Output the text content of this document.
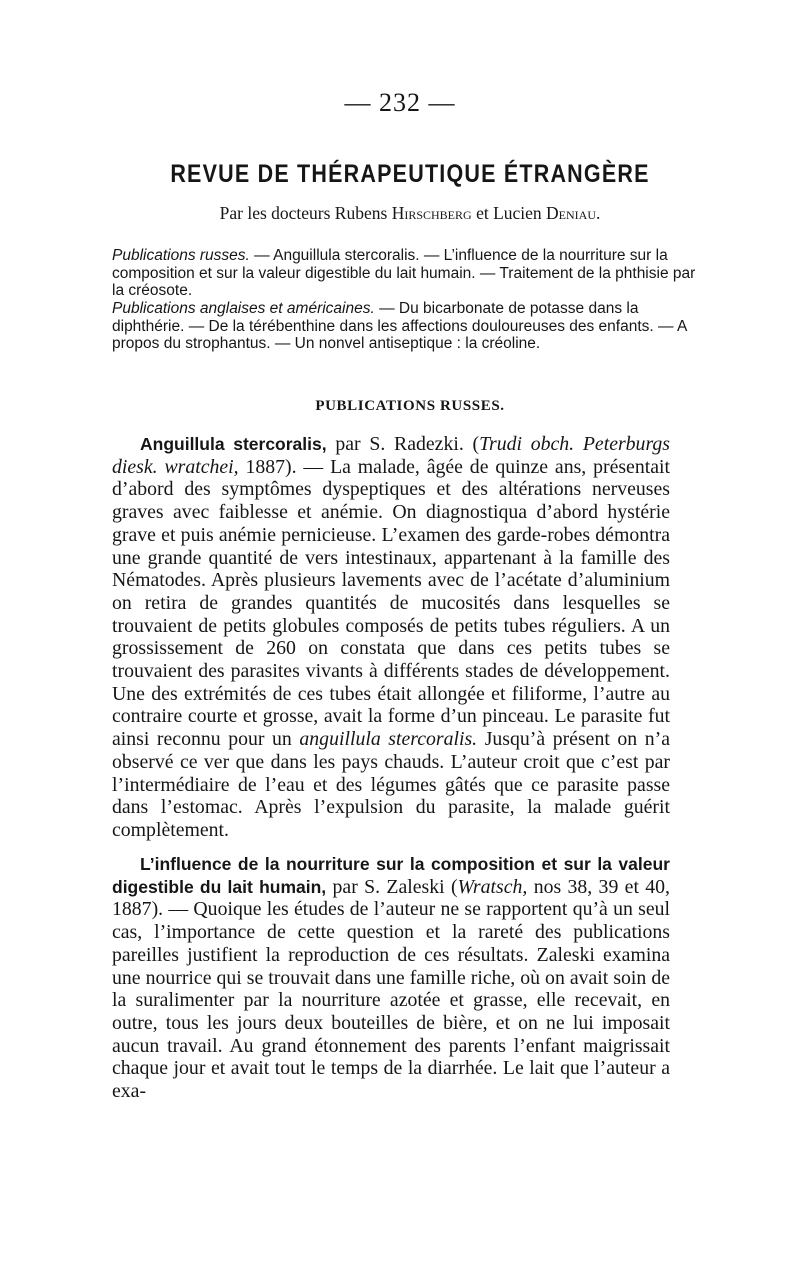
— 232 —
REVUE DE THÉRAPEUTIQUE ÉTRANGÈRE
Par les docteurs Rubens Hirschberg et Lucien Deniau.

Publications russes. — Anguillula stercoralis. — L’influence de la nourriture sur la composition et sur la valeur digestible du lait humain. — Traitement de la phthisie par la créosote.

Publications anglaises et américaines. — Du bicarbonate de potasse dans la diphthérie. — De la térébenthine dans les affections douloureuses des enfants. — A propos du strophantus. — Un nonvel antiseptique : la créoline.

PUBLICATIONS RUSSES.

Anguillula stercoralis, par S. Radezki. (Trudi obch. Peterburgs diesk. wratchei, 1887). — La malade, âgée de quinze ans, présentait d’abord des symptômes dyspeptiques et des altérations nerveuses graves avec faiblesse et anémie. On diagnostiqua d’abord hystérie grave et puis anémie pernicieuse. L’examen des garde-robes démontra une grande quantité de vers intestinaux, appartenant à la famille des Nématodes. Après plusieurs lavements avec de l’acétate d’aluminium on retira de grandes quantités de mucosités dans lesquelles se trouvaient de petits globules composés de petits tubes réguliers. A un grossissement de 260 on constata que dans ces petits tubes se trouvaient des parasites vivants à différents stades de développement. Une des extrémités de ces tubes était allongée et filiforme, l’autre au contraire courte et grosse, avait la forme d’un pinceau. Le parasite fut ainsi reconnu pour un anguillula stercoralis. Jusqu’à présent on n’a observé ce ver que dans les pays chauds. L’auteur croit que c’est par l’intermédiaire de l’eau et des légumes gâtés que ce parasite passe dans l’estomac. Après l’expulsion du parasite, la malade guérit complètement.

L’influence de la nourriture sur la composition et sur la valeur digestible du lait humain, par S. Zaleski (Wratsch, nos 38, 39 et 40, 1887). — Quoique les études de l’auteur ne se rapportent qu’à un seul cas, l’importance de cette question et la rareté des publications pareilles justifient la reproduction de ces résultats. Zaleski examina une nourrice qui se trouvait dans une famille riche, où on avait soin de la suralimenter par la nourriture azotée et grasse, elle recevait, en outre, tous les jours deux bouteilles de bière, et on ne lui imposait aucun travail. Au grand étonnement des parents l’enfant maigrissait chaque jour et avait tout le temps de la diarrhée. Le lait que l’auteur a exa-
